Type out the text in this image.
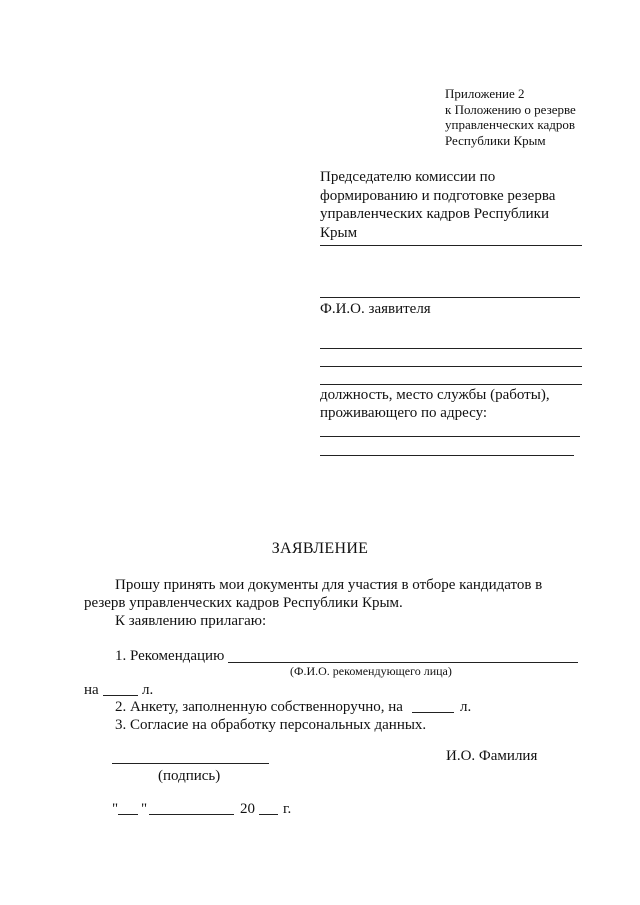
Приложение 2
к Положению о резерве
управленческих кадров
Республики Крым
Председателю комиссии по
формированию и подготовке резерва
управленческих кадров Республики
Крым
Ф.И.О. заявителя
должность, место службы (работы),
проживающего по адресу:
ЗАЯВЛЕНИЕ
Прошу принять мои документы для участия в отборе кандидатов в
резерв управленческих кадров Республики Крым.
К заявлению прилагаю:
1. Рекомендацию
(Ф.И.О. рекомендующего лица)
на	л.
2. Анкету, заполненную собственноручно, на	л.
3. Согласие на обработку персональных данных.
(подпись)
И.О. Фамилия
" "	20 г.
